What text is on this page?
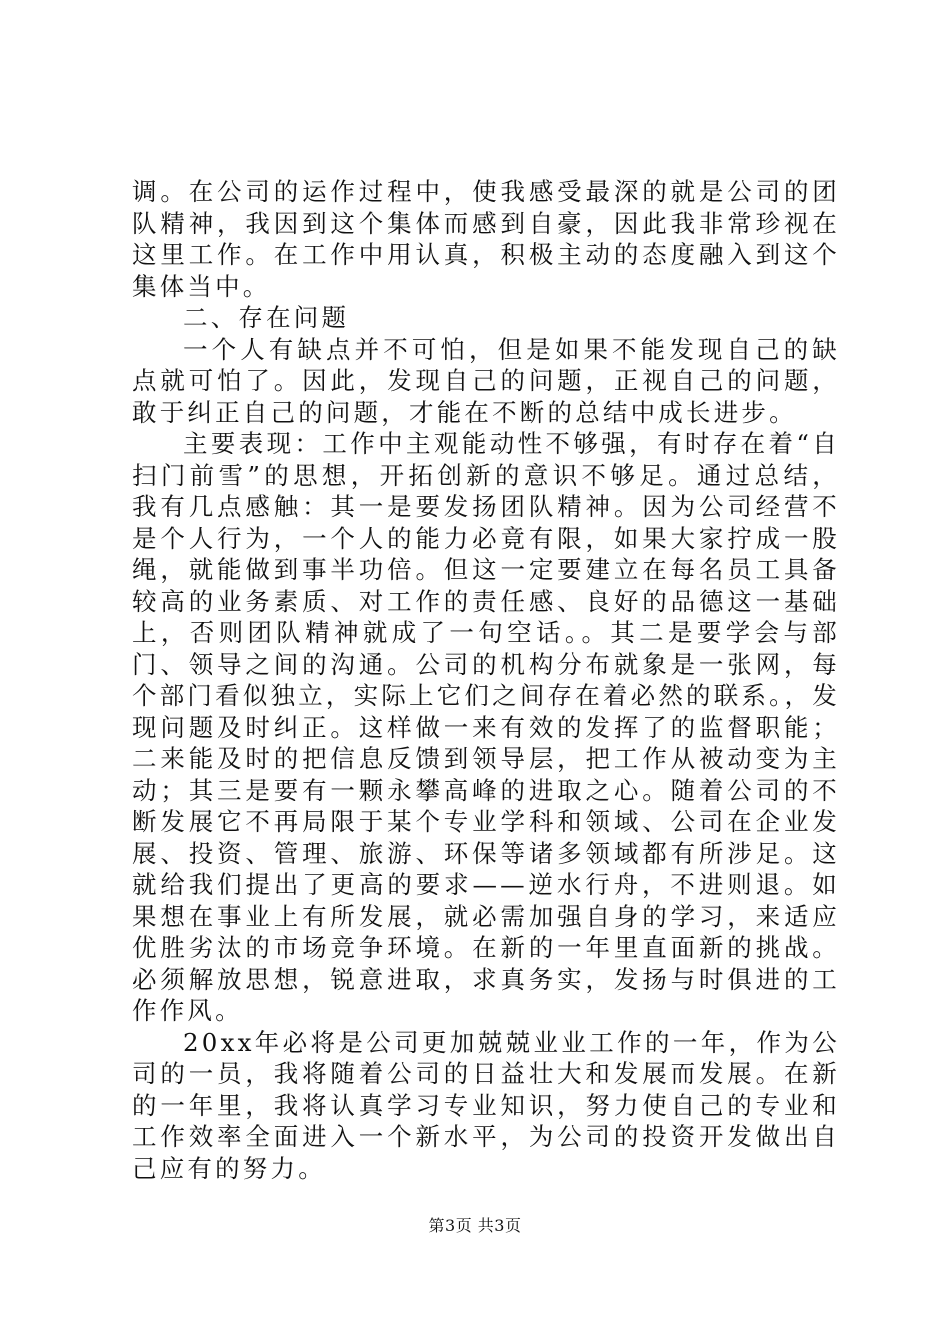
调。在公司的运作过程中，使我感受最深的就是公司的团队精神，我因到这个集体而感到自豪，因此我非常珍视在这里工作。在工作中用认真，积极主动的态度融入到这个集体当中。

二、存在问题

一个人有缺点并不可怕，但是如果不能发现自己的缺点就可怕了。因此，发现自己的问题，正视自己的问题，敢于纠正自己的问题，才能在不断的总结中成长进步。

主要表现：工作中主观能动性不够强，有时存在着“自扫门前雪”的思想，开拓创新的意识不够足。通过总结，我有几点感触：其一是要发扬团队精神。因为公司经营不是个人行为，一个人的能力必竟有限，如果大家拧成一股绳，就能做到事半功倍。但这一定要建立在每名员工具备较高的业务素质、对工作的责任感、良好的品德这一基础上，否则团队精神就成了一句空话。。其二是要学会与部门、领导之间的沟通。公司的机构分布就象是一张网，每个部门看似独立，实际上它们之间存在着必然的联系。，发现问题及时纠正。这样做一来有效的发挥了的监督职能；二来能及时的把信息反馈到领导层，把工作从被动变为主动；其三是要有一颗永攀高峰的进取之心。随着公司的不断发展它不再局限于某个专业学科和领域、公司在企业发展、投资、管理、旅游、环保等诸多领域都有所涉足。这就给我们提出了更高的要求——逆水行舟，不进则退。如果想在事业上有所发展，就必需加强自身的学习，来适应优胜劣汰的市场竞争环境。在新的一年里直面新的挑战。必须解放思想，锐意进取，求真务实，发扬与时俱进的工作作风。

20xx年必将是公司更加兢兢业业工作的一年，作为公司的一员，我将随着公司的日益壮大和发展而发展。在新的一年里，我将认真学习专业知识，努力使自己的专业和工作效率全面进入一个新水平，为公司的投资开发做出自己应有的努力。

第3页 共3页
